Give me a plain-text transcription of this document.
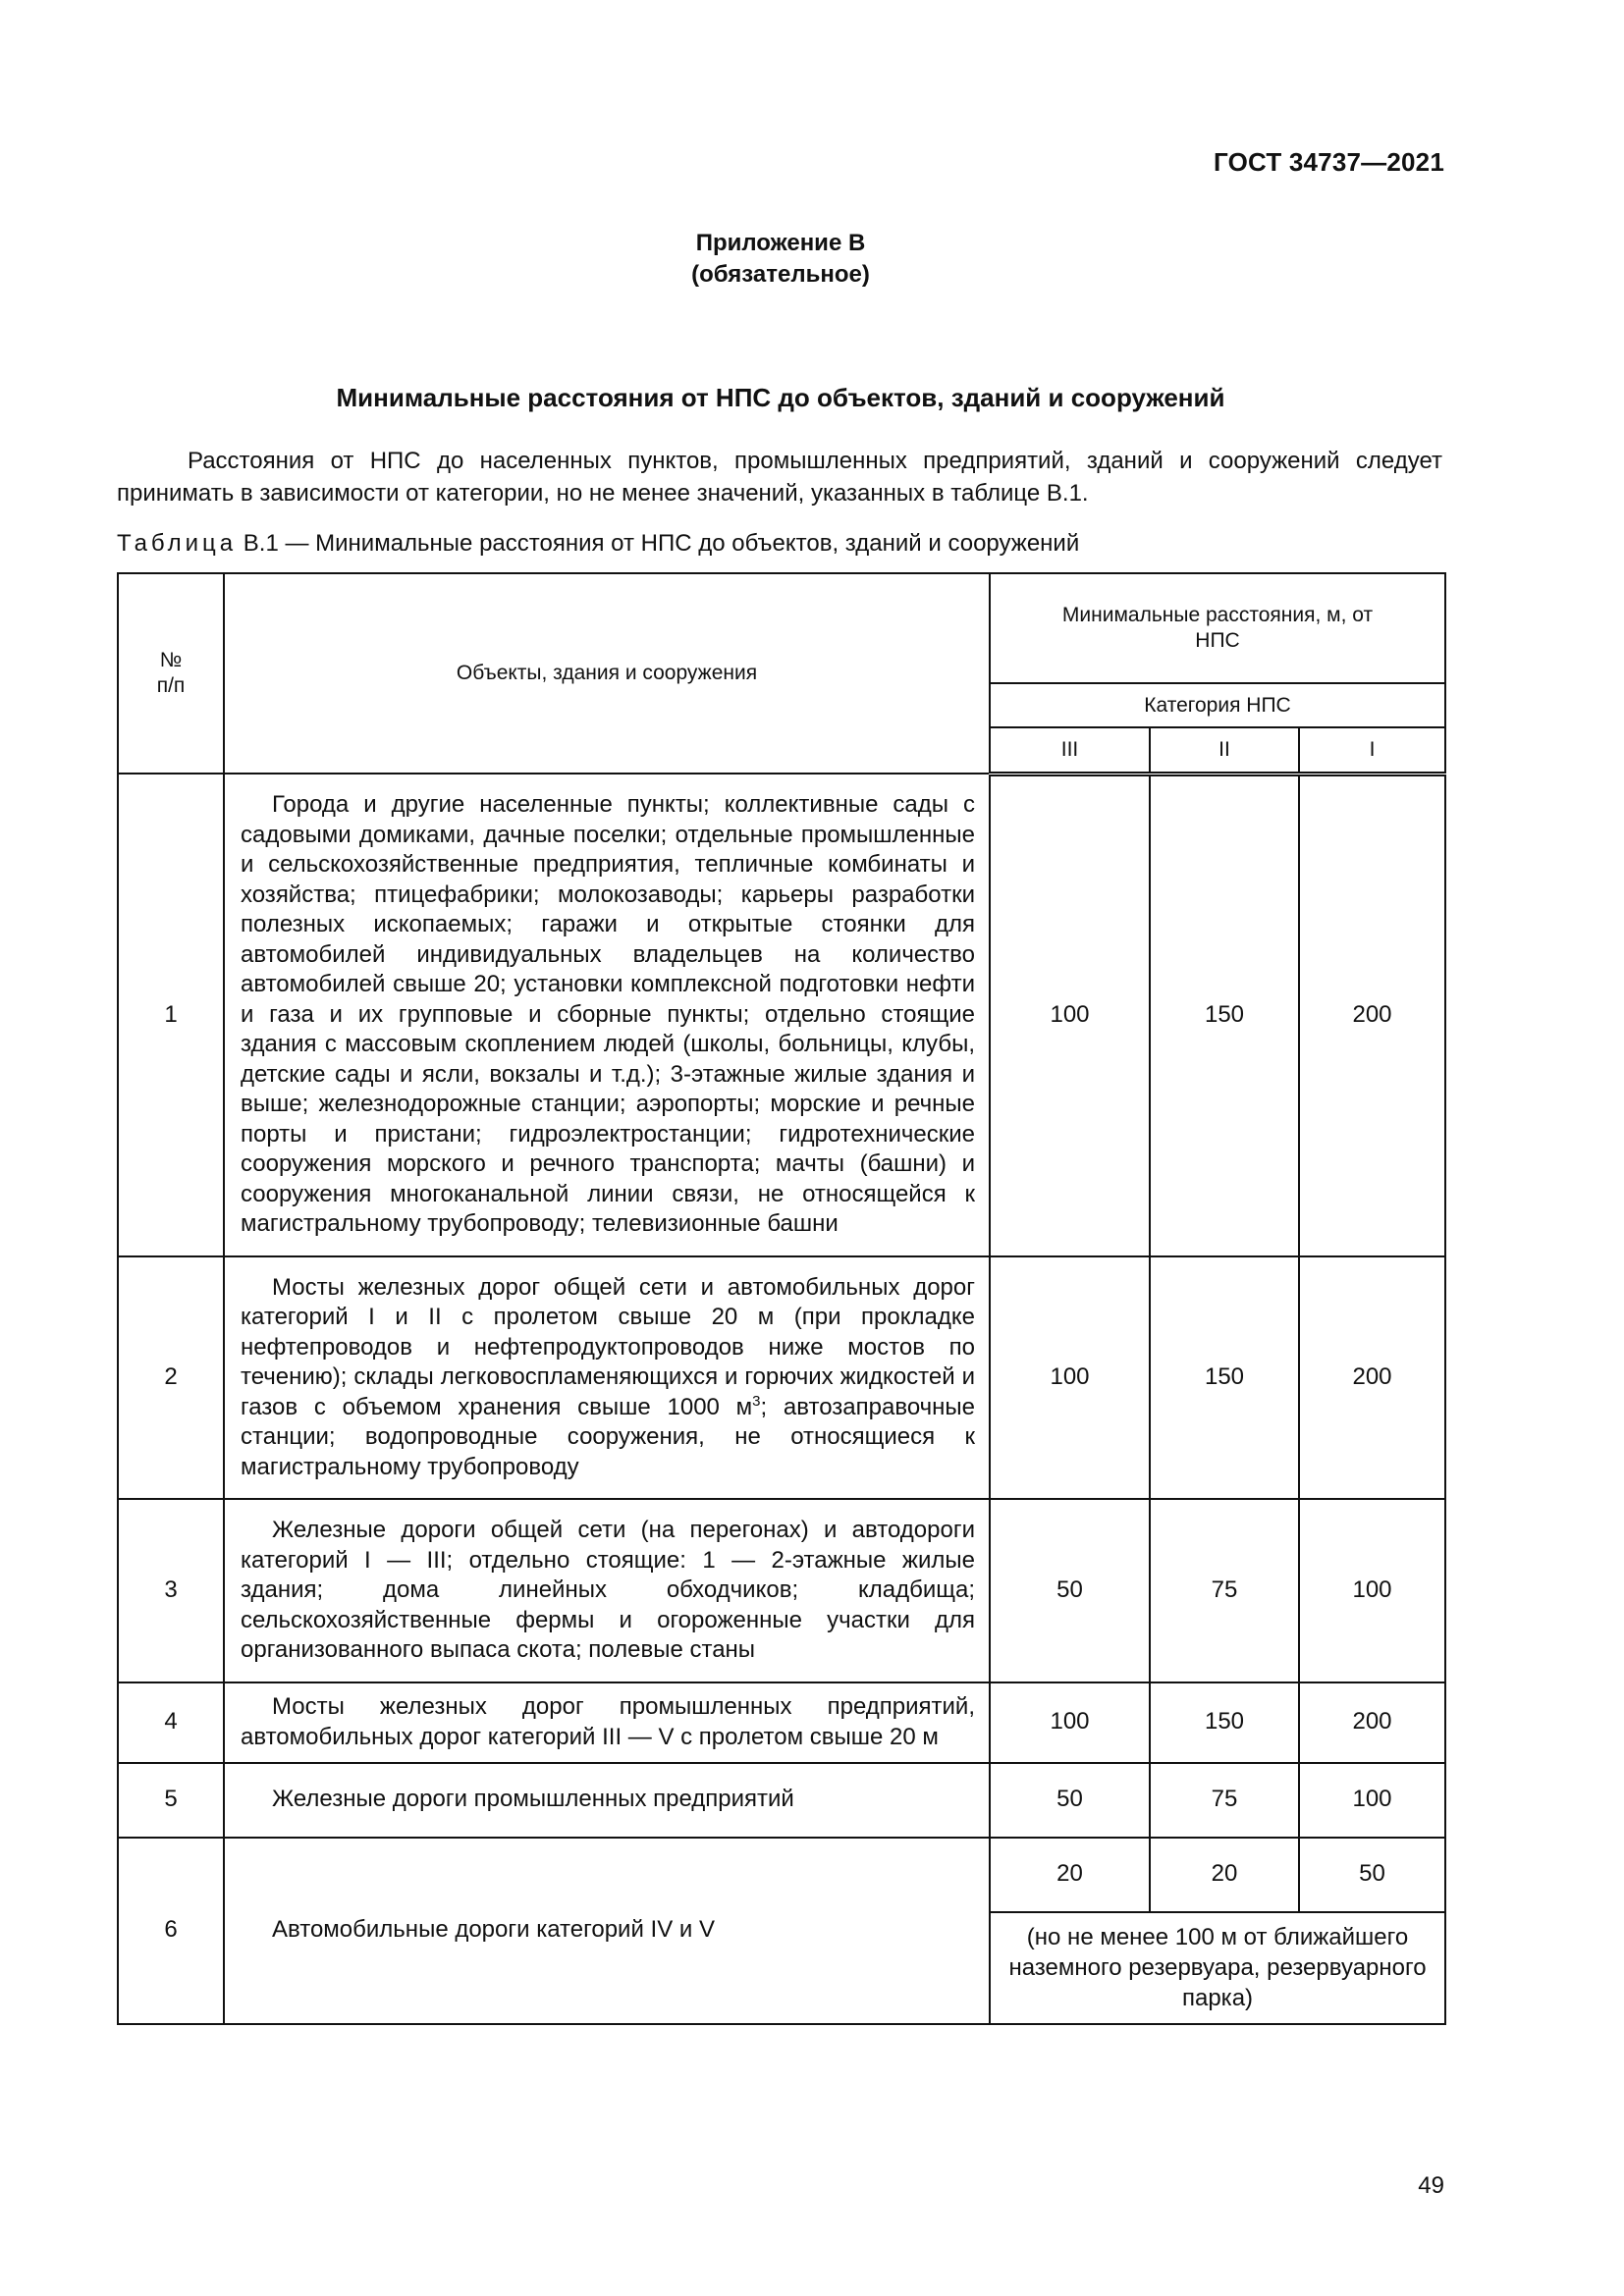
ГОСТ 34737—2021
Приложение В
(обязательное)
Минимальные расстояния от НПС до объектов, зданий и сооружений
Расстояния от НПС до населенных пунктов, промышленных предприятий, зданий и сооружений следует принимать в зависимости от категории, но не менее значений, указанных в таблице В.1.
Таблица В.1 — Минимальные расстояния от НПС до объектов, зданий и сооружений
№ п/п	Объекты, здания и сооружения	Минимальные расстояния, м, от НПС		

		Категория НПС		
		III	II	I
1	Города и другие населенные пункты; коллективные сады с садовыми домиками, дачные поселки; отдельные промышленные и сельскохозяйственные предприятия, тепличные комбинаты и хозяйства; птицефабрики; молокозаводы; карьеры разработки полезных ископаемых; гаражи и открытые стоянки для автомобилей индивидуальных владельцев на количество автомобилей свыше 20; установки комплексной подготовки нефти и газа и их групповые и сборные пункты; отдельно стоящие здания с массовым скоплением людей (школы, больницы, клубы, детские сады и ясли, вокзалы и т.д.); 3-этажные жилые здания и выше; железнодорожные станции; аэропорты; морские и речные порты и пристани; гидроэлектростанции; гидротехнические сооружения морского и речного транспорта; мачты (башни) и сооружения многоканальной линии связи, не относящейся к магистральному трубопроводу; телевизионные башни	100	150	200
2	Мосты железных дорог общей сети и автомобильных дорог категорий I и II с пролетом свыше 20 м (при прокладке нефтепроводов и нефтепродуктопроводов ниже мостов по течению); склады легковоспламеняющихся и горючих жидкостей и газов с объемом хранения свыше 1000 $м^3$; автозаправочные станции; водопроводные сооружения, не относящиеся к магистральному трубопроводу	100	150	200
3	Железные дороги общей сети (на перегонах) и автодороги категорий I — III; отдельно стоящие: 1 — 2-этажные жилые здания; дома линейных обходчиков; кладбища; сельскохозяйственные фермы и огороженные участки для организованного выпаса скота; полевые станы	50	75	100
4	Мосты железных дорог промышленных предприятий, автомобильных дорог категорий III — V с пролетом свыше 20 м	100	150	200
5	Железные дороги промышленных предприятий	50	75	100
6	Автомобильные дороги категорий IV и V	20	20	50
		(но не менее 100 м от ближайшего наземного резервуара, резервуарного парка)		
49
